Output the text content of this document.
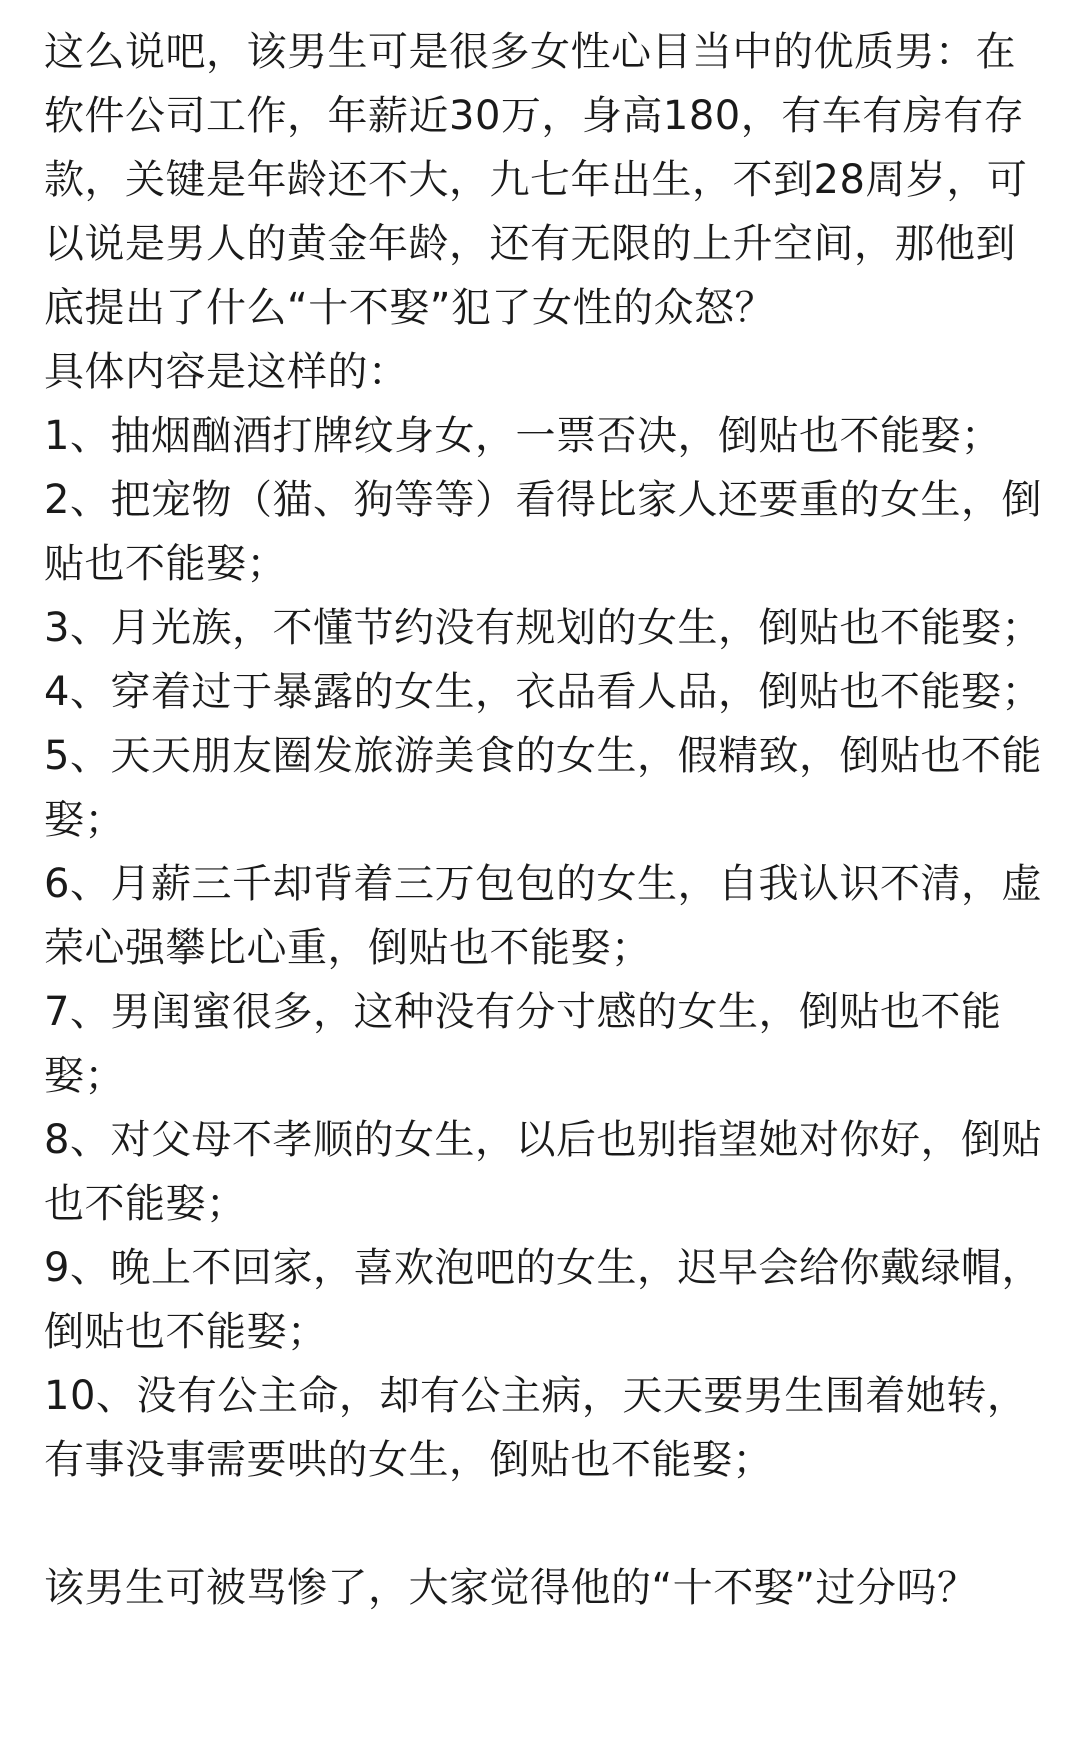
这么说吧，该男生可是很多女性心目当中的优质男：在软件公司工作，年薪近30万，身高180，有车有房有存款，关键是年龄还不大，九七年出生，不到28周岁，可以说是男人的黄金年龄，还有无限的上升空间，那他到底提出了什么“十不娶”犯了女性的众怒？

具体内容是这样的：

1、抽烟酗酒打牌纹身女，一票否决，倒贴也不能娶；
2、把宠物（猫、狗等等）看得比家人还要重的女生，倒贴也不能娶；
3、月光族，不懂节约没有规划的女生，倒贴也不能娶；
4、穿着过于暴露的女生，衣品看人品，倒贴也不能娶；
5、天天朋友圈发旅游美食的女生，假精致，倒贴也不能娶；
6、月薪三千却背着三万包包的女生，自我认识不清，虚荣心强攀比心重，倒贴也不能娶；
7、男闺蜜很多，这种没有分寸感的女生，倒贴也不能娶；
8、对父母不孝顺的女生，以后也别指望她对你好，倒贴也不能娶；
9、晚上不回家，喜欢泡吧的女生，迟早会给你戴绿帽，倒贴也不能娶；
10、没有公主命，却有公主病，天天要男生围着她转，有事没事需要哄的女生，倒贴也不能娶；

该男生可被骂惨了，大家觉得他的“十不娶”过分吗？
